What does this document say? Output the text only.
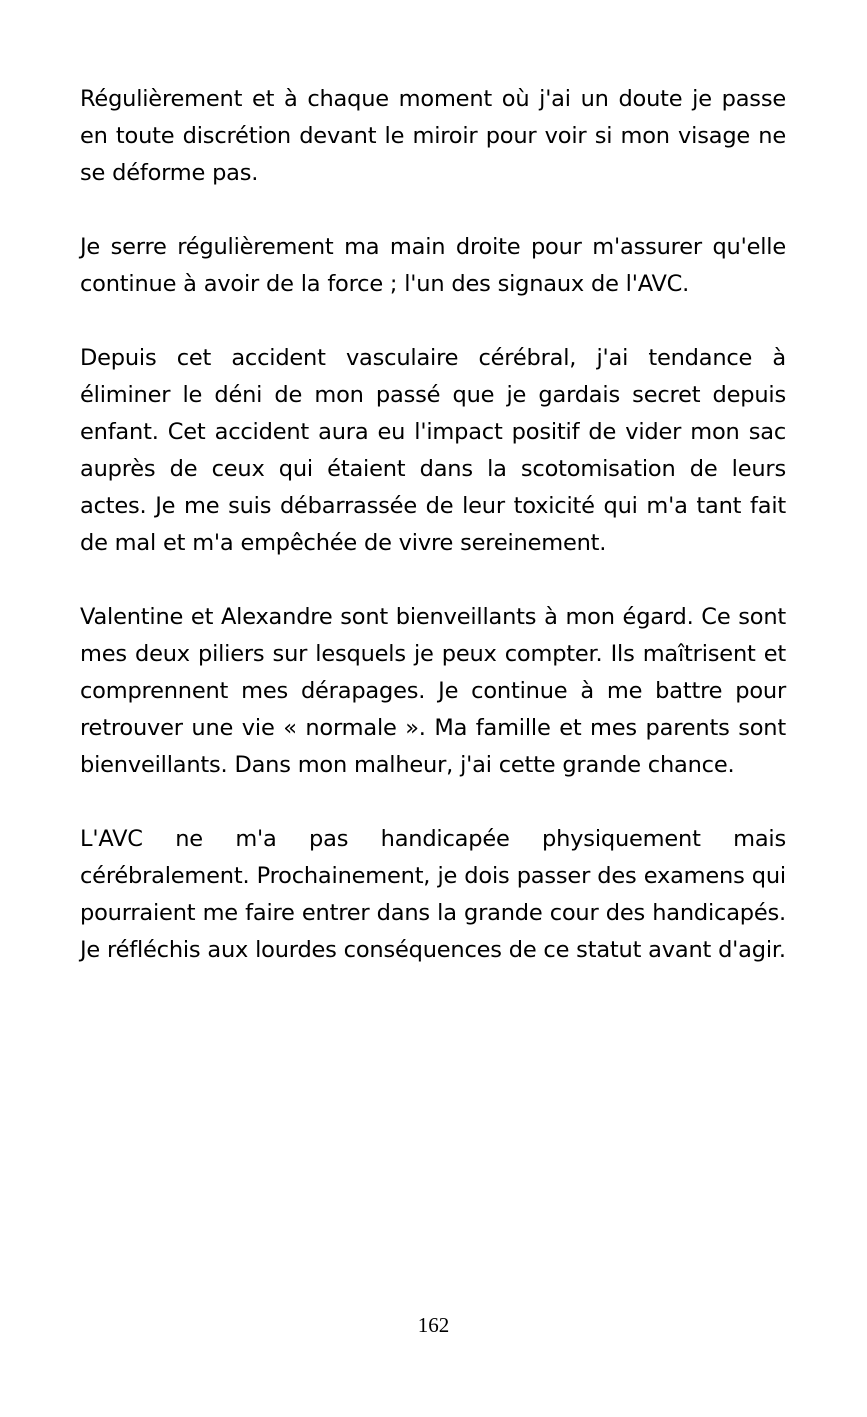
Régulièrement et à chaque moment où j'ai un doute je passe en toute discrétion devant le miroir pour voir si mon visage ne se déforme pas.

Je serre régulièrement ma main droite pour m'assurer qu'elle continue à avoir de la force ; l'un des signaux de l'AVC.

Depuis cet accident vasculaire cérébral, j'ai tendance à éliminer le déni de mon passé que je gardais secret depuis enfant. Cet accident aura eu l'impact positif de vider mon sac auprès de ceux qui étaient dans la scotomisation de leurs actes. Je me suis débarrassée de leur toxicité qui m'a tant fait de mal et m'a empêchée de vivre sereinement.

Valentine et Alexandre sont bienveillants à mon égard. Ce sont mes deux piliers sur lesquels je peux compter. Ils maîtrisent et comprennent mes dérapages. Je continue à me battre pour retrouver une vie « normale ». Ma famille et mes parents sont bienveillants. Dans mon malheur, j'ai cette grande chance.

L'AVC ne m'a pas handicapée physiquement mais cérébralement. Prochainement, je dois passer des examens qui pourraient me faire entrer dans la grande cour des handicapés. Je réfléchis aux lourdes conséquences de ce statut avant d'agir.

162
